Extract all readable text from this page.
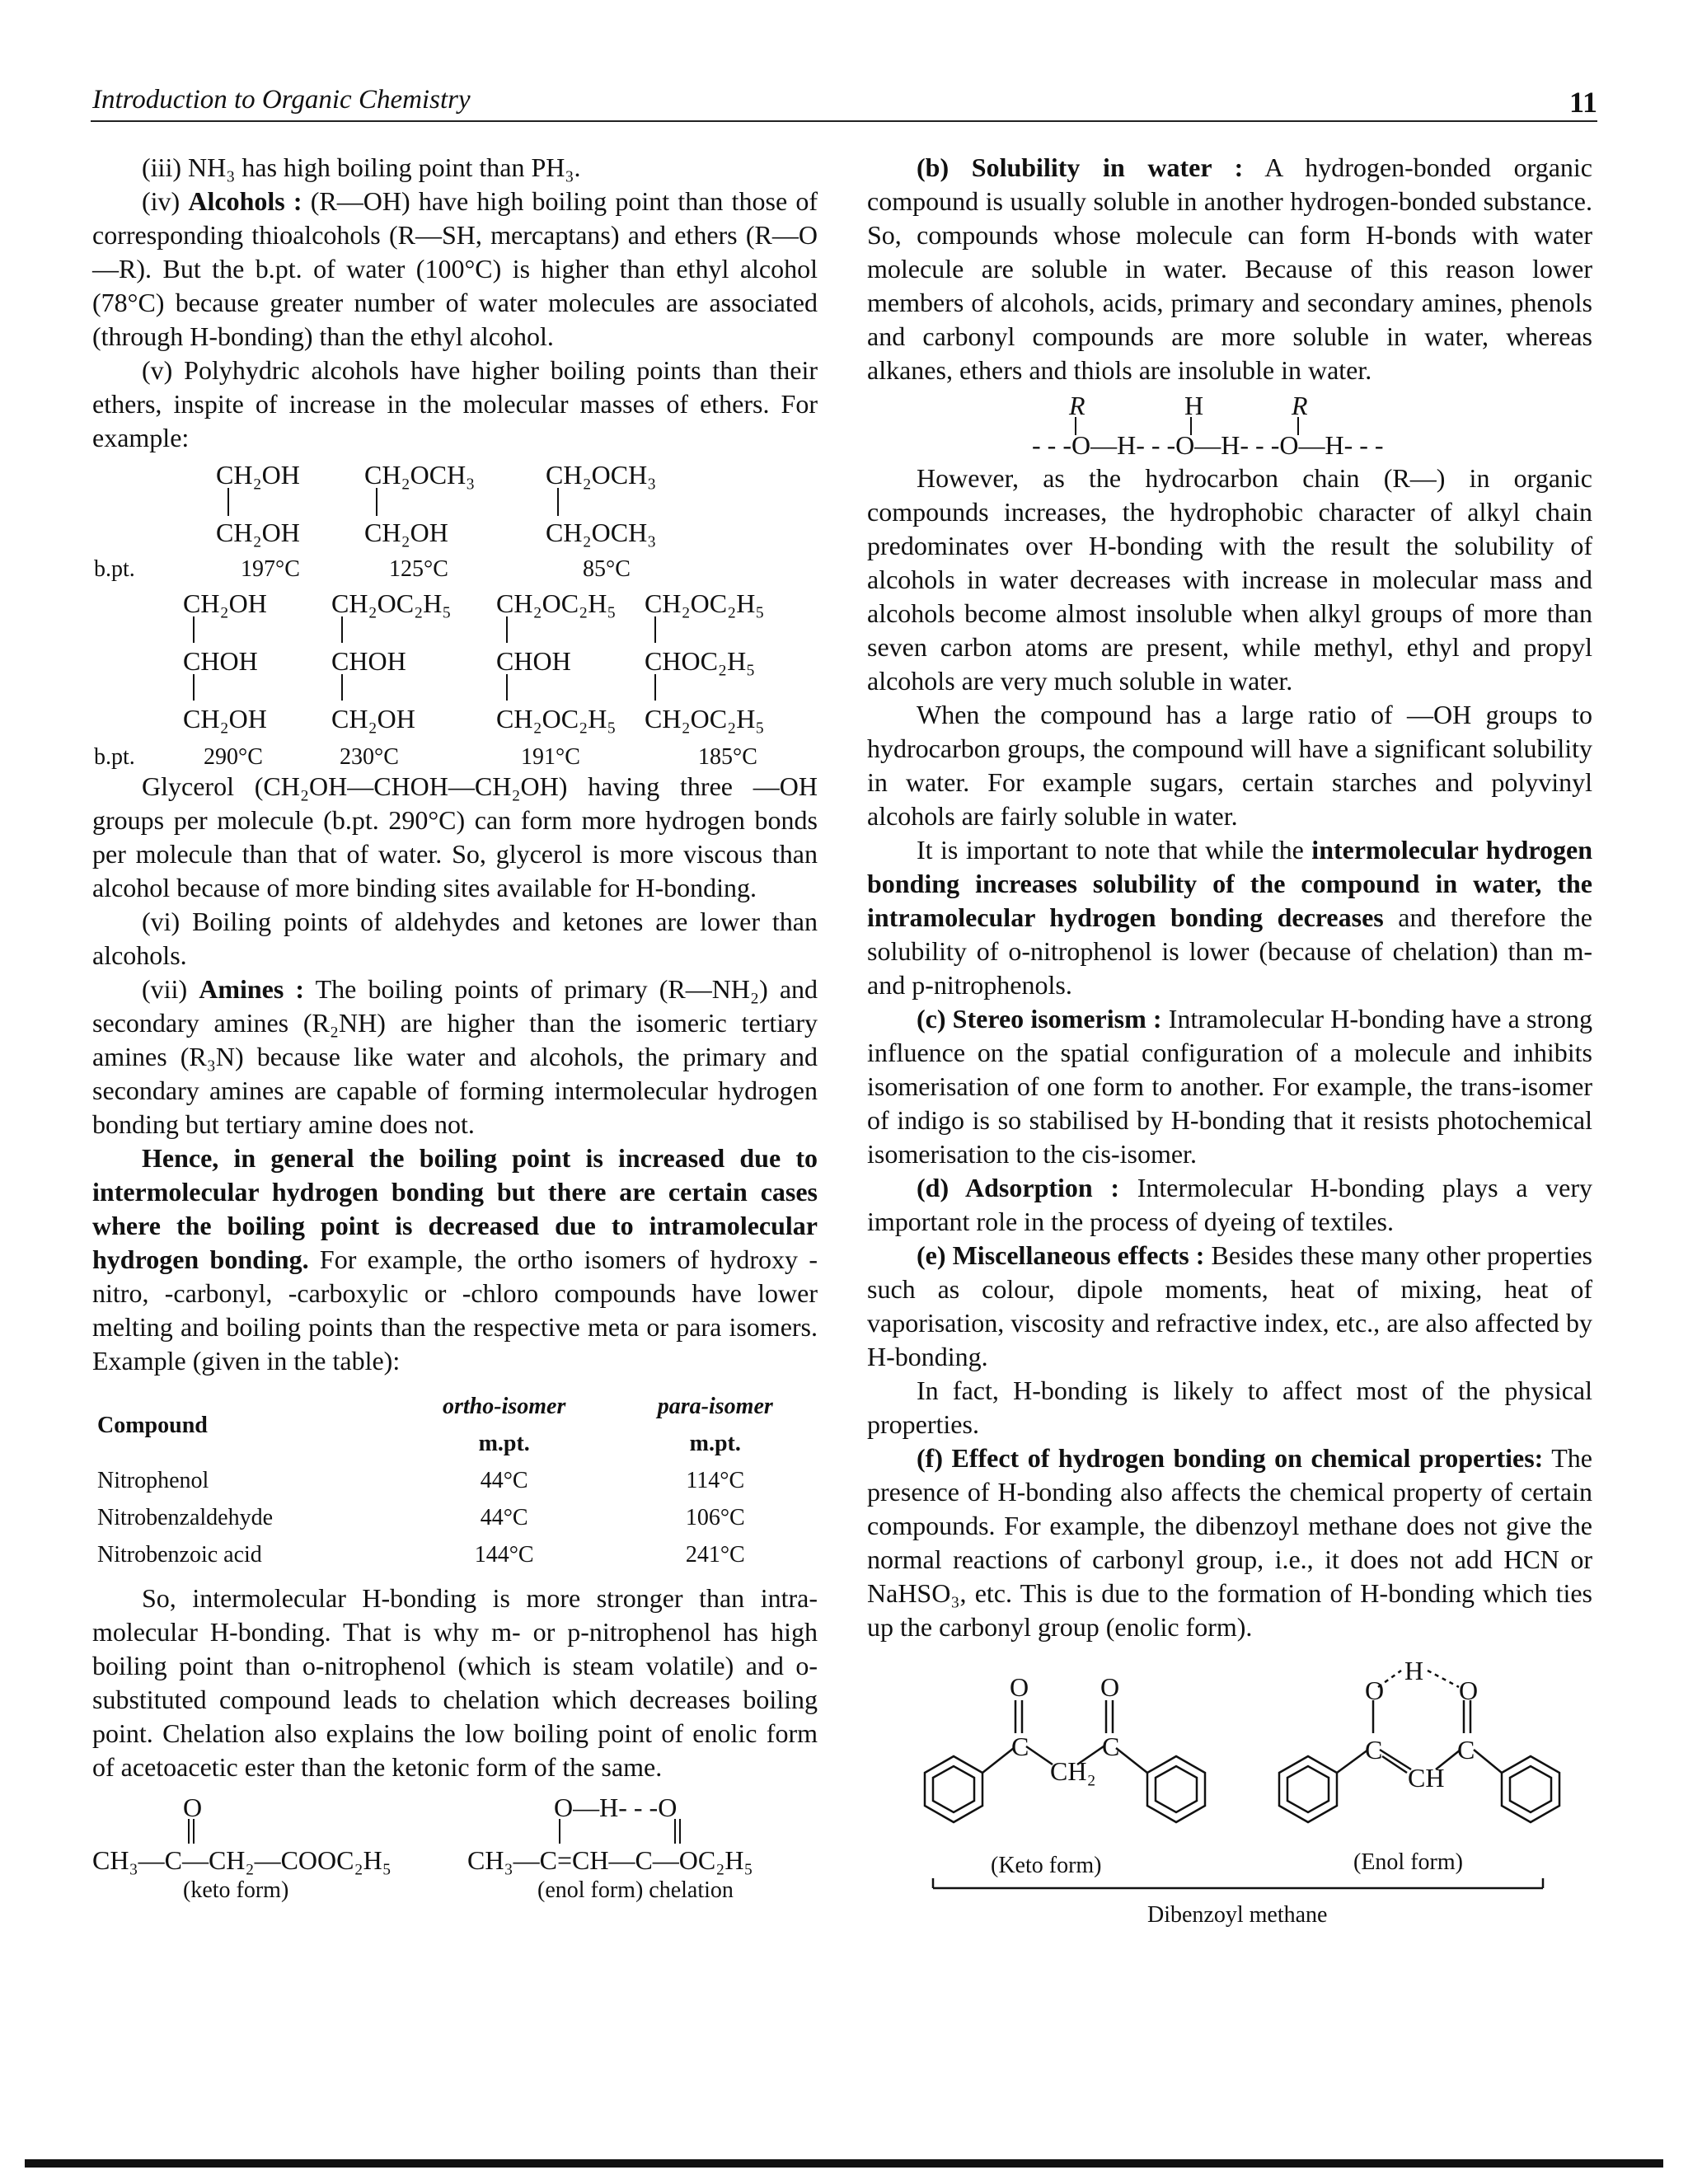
Introduction to Organic Chemistry	11

(iii) NH₃ has high boiling point than PH₃.

(iv) Alcohols : (R—OH) have high boiling point than those of corresponding thioalcohols (R—SH, mercaptans) and ethers (R—O—R). But the b.pt. of water (100°C) is higher than ethyl alcohol (78°C) because greater number of water molecules are associated (through H-bonding) than the ethyl alcohol.

(v) Polyhydric alcohols have higher boiling points than their ethers, inspite of increase in the molecular masses of ethers. For example:

CH₂OH CH₂OCH₃	CH₂OCH₃
CH₂OH CH₂OH	CH₂OCH₃
b.pt.	197°C	125°C	85°C
CH₂OH CH₂OC₂H₅ CH₂OC₂H₅ CH₂OC₂H₅
CHOH	CHOH	CHOH	CHOC₂H₅
CH₂OH CH₂OH	CH₂OC₂H₅ CH₂OC₂H₅
b.pt.	290°C	230°C	191°C	185°C

Glycerol (CH₂OH—CHOH—CH₂OH) having three —OH groups per molecule (b.pt. 290°C) can form more hydrogen bonds per molecule than that of water. So, glycerol is more viscous than alcohol because of more binding sites available for H-bonding.

(vi) Boiling points of aldehydes and ketones are lower than alcohols.

(vii) Amines : The boiling points of primary (R—NH₂) and secondary amines (R₂NH) are higher than the isomeric tertiary amines (R₃N) because like water and alcohols, the primary and secondary amines are capable of forming intermolecular hydrogen bonding but tertiary amine does not.

Hence, in general the boiling point is increased due to intermolecular hydrogen bonding but there are certain cases where the boiling point is decreased due to intramolecular hydrogen bonding. For example, the ortho isomers of hydroxy -nitro, -carbonyl, -carboxylic or -chloro compounds have lower melting and boiling points than the respective meta or para isomers. Example (given in the table):

Compound	ortho-isomer	para-isomer
	m.pt.	m.pt.
Nitrophenol	44°C	114°C
Nitrobenzaldehyde	44°C	106°C
Nitrobenzoic acid	144°C	241°C

So, intermolecular H-bonding is more stronger than intra-molecular H-bonding. That is why m- or p-nitrophenol has high boiling point than o-nitrophenol (which is steam volatile) and o- substituted compound leads to chelation which decreases boiling point. Chelation also explains the low boiling point of enolic form of acetoacetic ester than the ketonic form of the same.

O
CH₃—C—CH₂—COOC₂H₅
(keto form)
O—H- - -O
CH₃—C=CH—C—OC₂H₅
(enol form) chelation

(b) Solubility in water : A hydrogen-bonded organic compound is usually soluble in another hydrogen-bonded substance. So, compounds whose molecule can form H-bonds with water molecule are soluble in water. Because of this reason lower members of alcohols, acids, primary and secondary amines, phenols and carbonyl compounds are more soluble in water, whereas alkanes, ethers and thiols are insoluble in water.

R	H	R
- - -O—H- - -O—H- - -O—H- - -

However, as the hydrocarbon chain (R—) in organic compounds increases, the hydrophobic character of alkyl chain predominates over H-bonding with the result the solubility of alcohols in water decreases with increase in molecular mass and alcohols become almost insoluble when alkyl groups of more than seven carbon atoms are present, while methyl, ethyl and propyl alcohols are very much soluble in water.

When the compound has a large ratio of —OH groups to hydrocarbon groups, the compound will have a significant solubility in water. For example sugars, certain starches and polyvinyl alcohols are fairly soluble in water.

It is important to note that while the intermolecular hydrogen bonding increases solubility of the compound in water, the intramolecular hydrogen bonding decreases and therefore the solubility of o-nitrophenol is lower (because of chelation) than m- and p-nitrophenols.

(c) Stereo isomerism : Intramolecular H-bonding have a strong influence on the spatial configuration of a molecule and inhibits isomerisation of one form to another. For example, the trans-isomer of indigo is so stabilised by H-bonding that it resists photochemical isomerisation to the cis-isomer.

(d) Adsorption : Intermolecular H-bonding plays a very important role in the process of dyeing of textiles.

(e) Miscellaneous effects : Besides these many other properties such as colour, dipole moments, heat of mixing, heat of vaporisation, viscosity and refractive index, etc., are also affected by H-bonding.

In fact, H-bonding is likely to affect most of the physical properties.

(f) Effect of hydrogen bonding on chemical properties: The presence of H-bonding also affects the chemical property of certain compounds. For example, the dibenzoyl methane does not give the normal reactions of carbonyl group, i.e., it does not add HCN or NaHSO₃, etc. This is due to the formation of H-bonding which ties up the carbonyl group (enolic form).

O	O
C	C
CH₂
H
O	O
C	C
CH
(Keto form)	(Enol form)
Dibenzoyl methane
